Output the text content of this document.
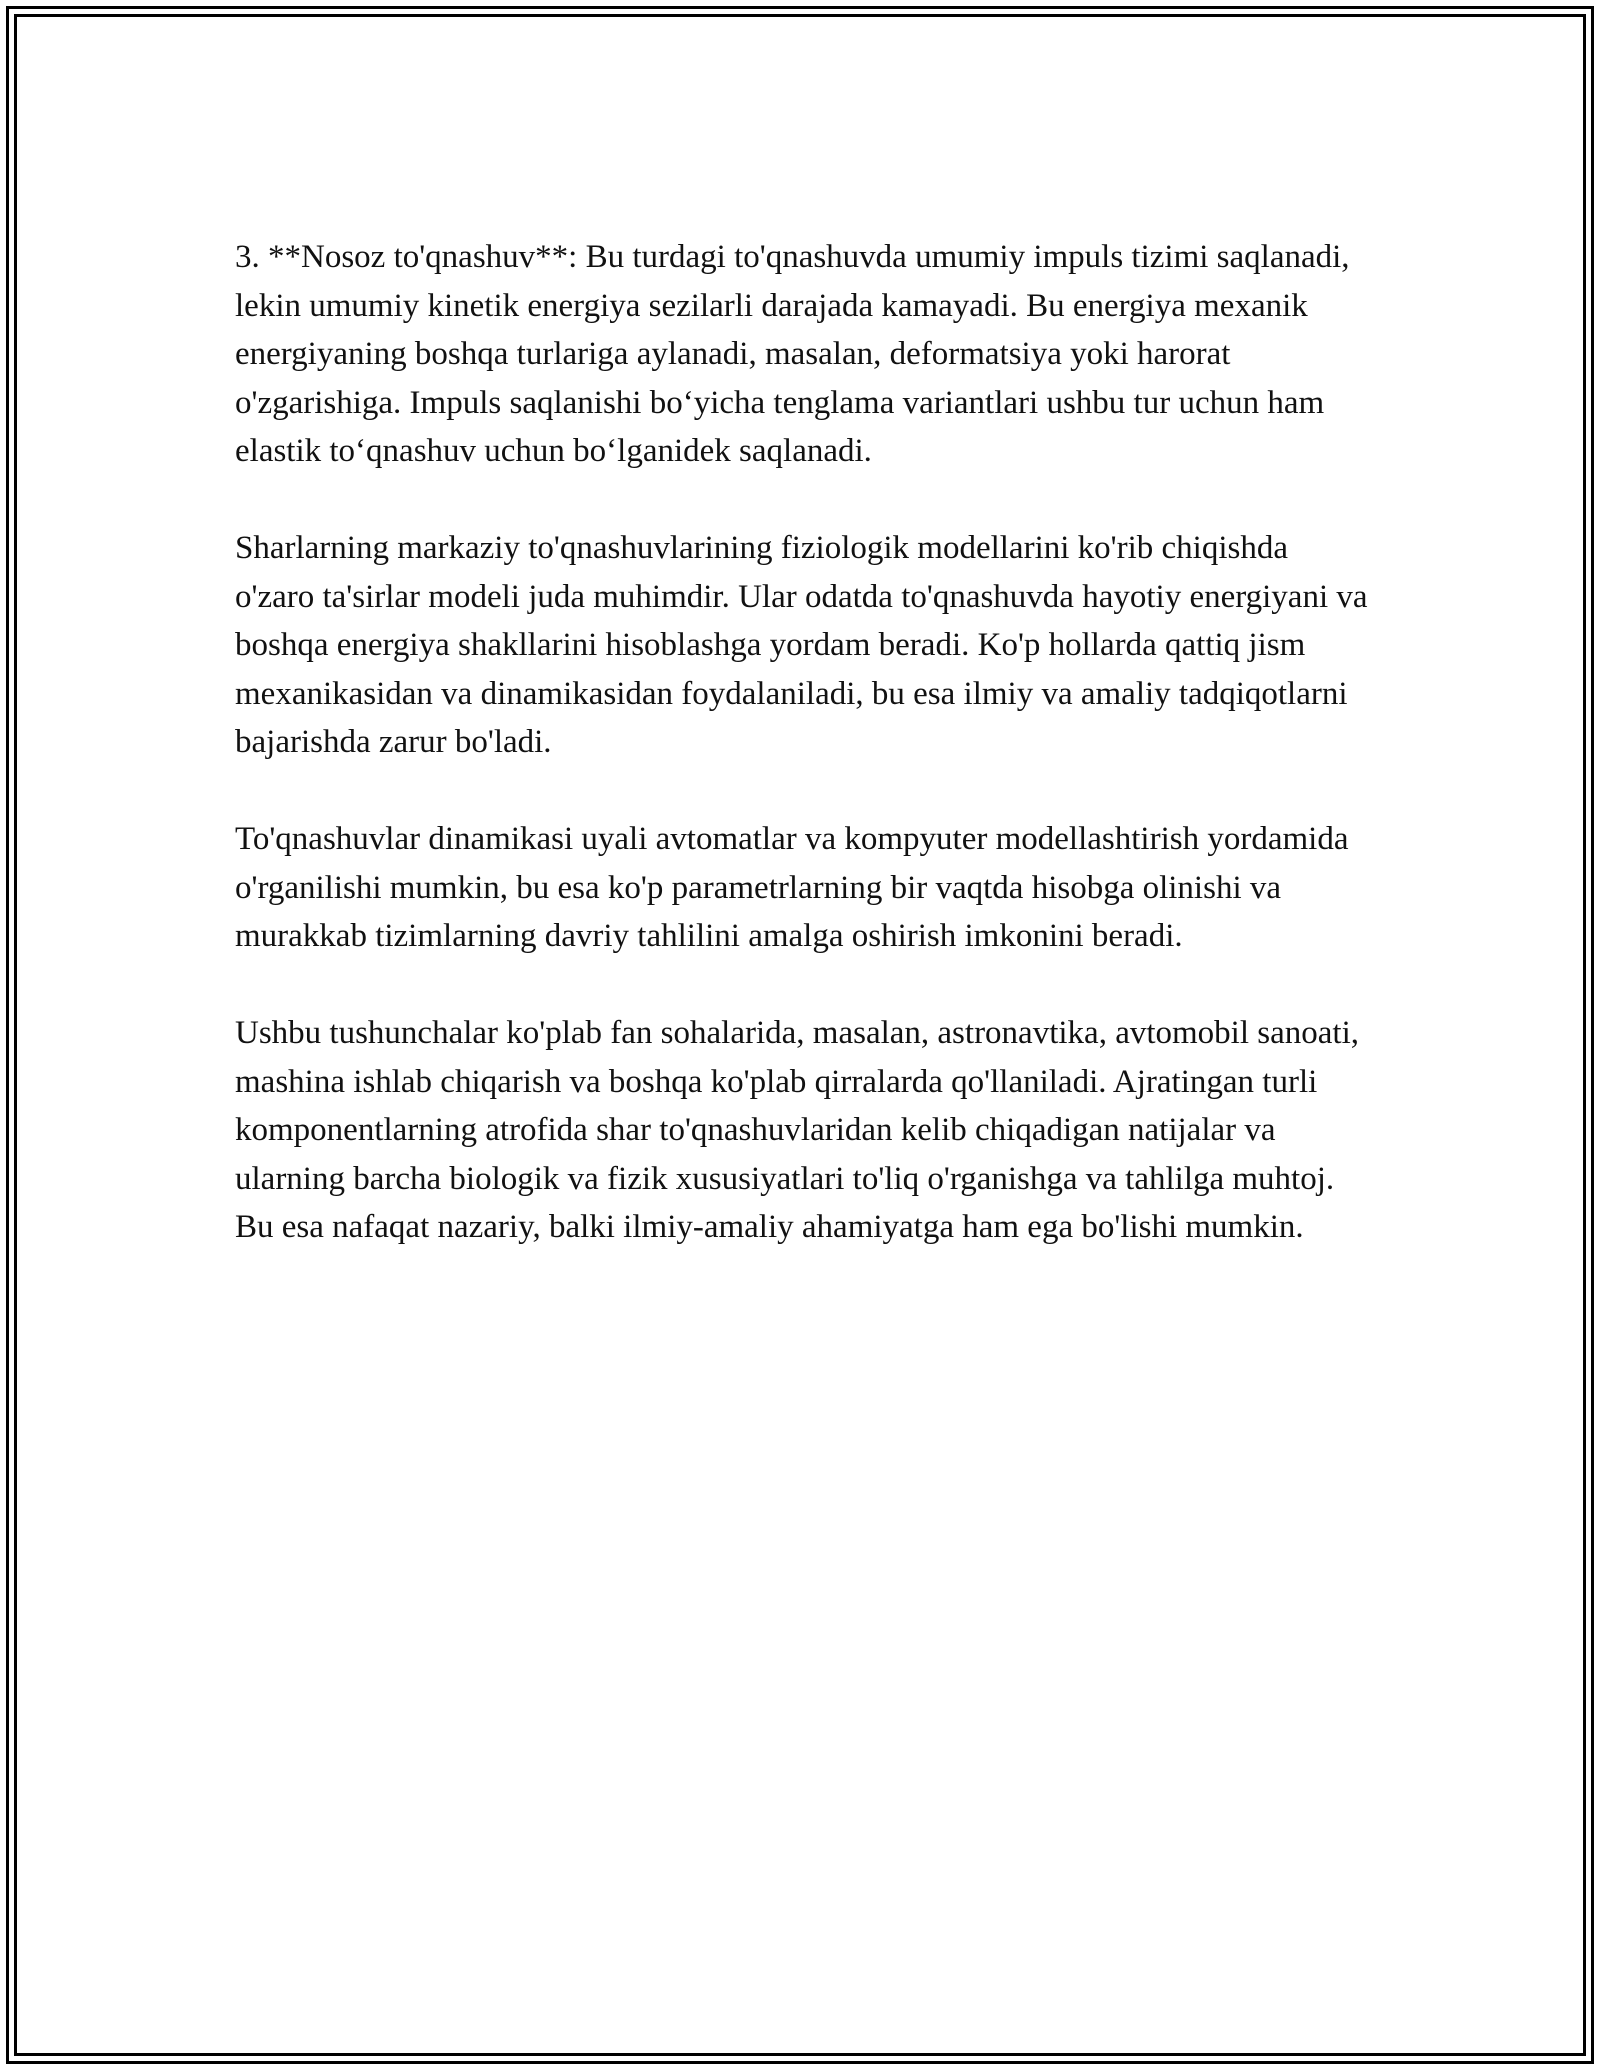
3. **Nosoz to'qnashuv**: Bu turdagi to'qnashuvda umumiy impuls tizimi saqlanadi, lekin umumiy kinetik energiya sezilarli darajada kamayadi. Bu energiya mexanik energiyaning boshqa turlariga aylanadi, masalan, deformatsiya yoki harorat o'zgarishiga. Impuls saqlanishi bo‘yicha tenglama variantlari ushbu tur uchun ham elastik to‘qnashuv uchun bo‘lganidek saqlanadi.

Sharlarning markaziy to'qnashuvlarining fiziologik modellarini ko'rib chiqishda o'zaro ta'sirlar modeli juda muhimdir. Ular odatda to'qnashuvda hayotiy energiyani va boshqa energiya shakllarini hisoblashga yordam beradi. Ko'p hollarda qattiq jism mexanikasidan va dinamikasidan foydalaniladi, bu esa ilmiy va amaliy tadqiqotlarni bajarishda zarur bo'ladi.

To'qnashuvlar dinamikasi uyali avtomatlar va kompyuter modellashtirish yordamida o'rganilishi mumkin, bu esa ko'p parametrlarning bir vaqtda hisobga olinishi va murakkab tizimlarning davriy tahlilini amalga oshirish imkonini beradi.

Ushbu tushunchalar ko'plab fan sohalarida, masalan, astronavtika, avtomobil sanoati, mashina ishlab chiqarish va boshqa ko'plab qirralarda qo'llaniladi. Ajratingan turli komponentlarning atrofida shar to'qnashuvlaridan kelib chiqadigan natijalar va ularning barcha biologik va fizik xususiyatlari to'liq o'rganishga va tahlilga muhtoj. Bu esa nafaqat nazariy, balki ilmiy-amaliy ahamiyatga ham ega bo'lishi mumkin.
